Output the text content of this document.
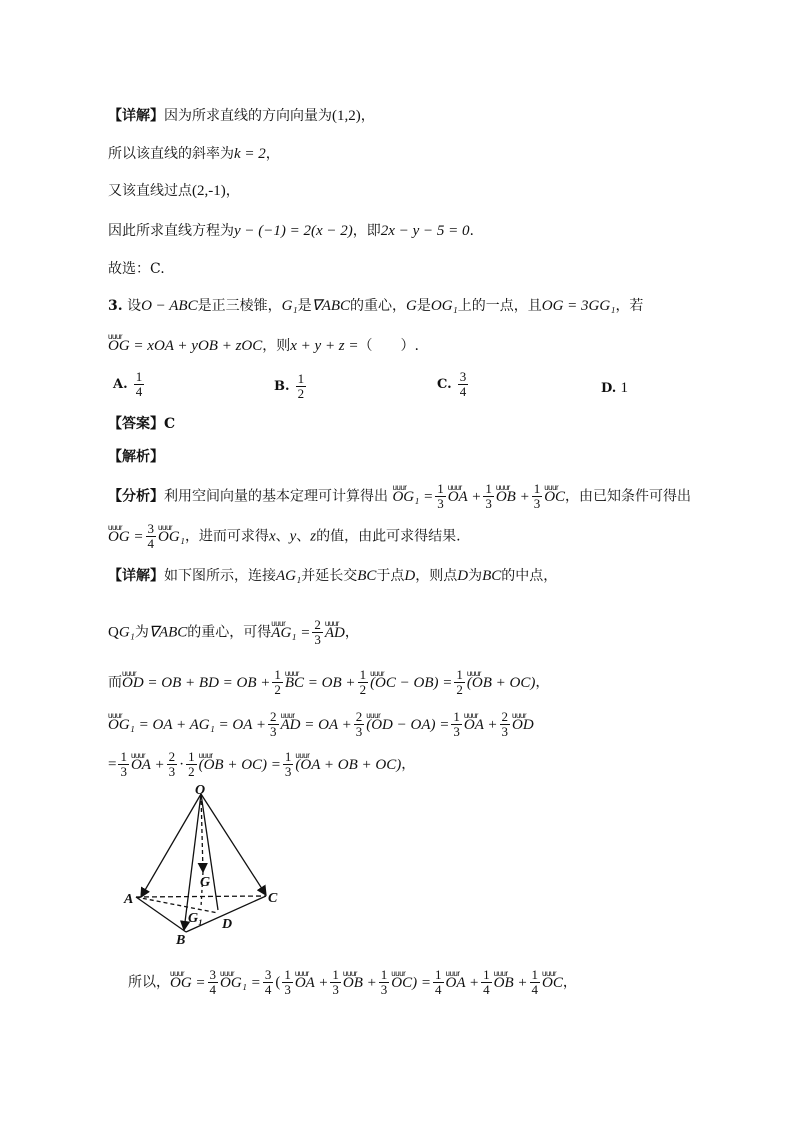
【详解】因为所求直线的方向向量为(1,2)，
所以该直线的斜率为k = 2，
又该直线过点(2,-1)，
因此所求直线方程为y − (−1) = 2(x − 2)，即2x − y − 5 = 0.
故选：C.
3. 设O − ABC是正三棱锥，G₁是∇ABC的重心，G是OG₁上的一点，且OG = 3GG₁，若
uuur OG = xOA + yOB + zOC，则x + y + z =（　　）.
A. $\frac{1}{4}$	B. $\frac{1}{2}$	C. $\frac{3}{4}$	D. 1
【答案】C
【解析】
【分析】利用空间向量的基本定理可计算得出 uuur $OG_1 = \frac{1}{3}$ uuur OA + $\frac{1}{3}$ uuur OB + $\frac{1}{3}$ uuur OC，由已知条件可得出
uuur OG = $\frac{3}{4}$ uuur OG₁，进而可求得x、y、z的值，由此可求得结果.
【详解】如下图所示，连接AG₁并延长交BC于点D，则点D为BC的中点，
QG₁为∇ABC的重心，可得uuur $AG_1 = \frac{2}{3}$ uuur AD，
而uuur OD = OB + BD = OB + $\frac{1}{2}$ uuur BC = OB + $\frac{1}{2}$ uuur $(OC - OB) = \frac{1}{2}$ uuur (OB + OC)，
uuur OG₁ = OA + AG₁ = OA + $\frac{2}{3}$ uuur AD = OA + $\frac{2}{3}$ uuur $(OD - OA) = \frac{1}{3}$ uuur OA + $\frac{2}{3}$ uuur OD
= $\frac{1}{3}$ uuur OA + $\frac{2}{3} \cdot \frac{1}{2}$ uuur $(OB + OC) = \frac{1}{3}$ uuur (OA + OB + OC)，
O
G
A	C
G₁ D
B
所以，uuur OG = $\frac{3}{4}$ uuur $OG_1 = \frac{3}{4}$ ( $\frac{1}{3}$ uuur OA + $\frac{1}{3}$ uuur OB + $\frac{1}{3}$ uuur $OC) = \frac{1}{4}$ uuur OA + $\frac{1}{4}$ uuur OB + $\frac{1}{4}$ uuur OC，
